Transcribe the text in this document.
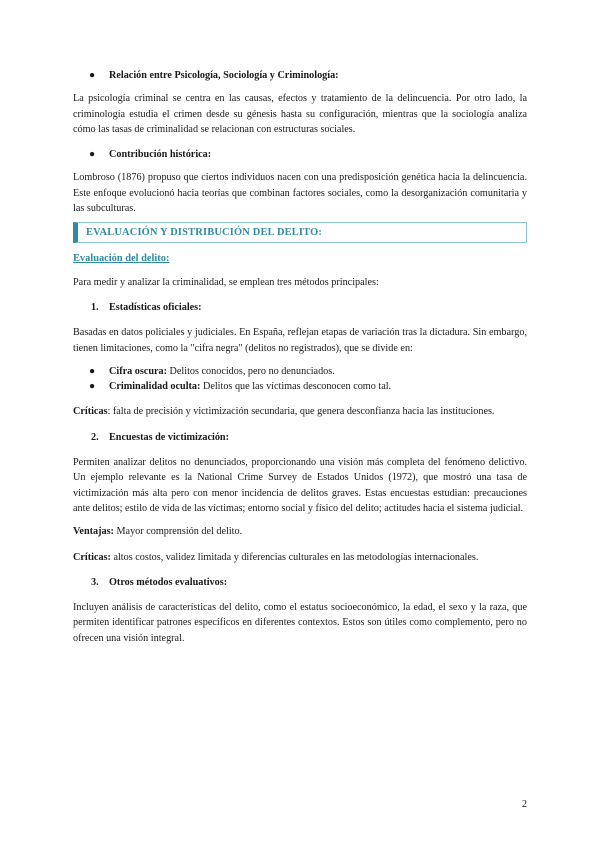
●	Relación entre Psicología, Sociología y Criminología:

La psicología criminal se centra en las causas, efectos y tratamiento de la delincuencia. Por otro lado, la criminología estudia el crimen desde su génesis hasta su configuración, mientras que la sociología analiza cómo las tasas de criminalidad se relacionan con estructuras sociales.

●	Contribución histórica:

Lombroso (1876) propuso que ciertos individuos nacen con una predisposición genética hacia la delincuencia. Este enfoque evolucionó hacia teorías que combinan factores sociales, como la desorganización comunitaria y las subculturas.

EVALUACIÓN Y DISTRIBUCIÓN DEL DELITO:
Evaluación del delito:

Para medir y analizar la criminalidad, se emplean tres métodos principales:

1.	Estadísticas oficiales:

Basadas en datos policiales y judiciales. En España, reflejan etapas de variación tras la dictadura. Sin embargo, tienen limitaciones, como la "cifra negra" (delitos no registrados), que se divide en:

●	Cifra oscura: Delitos conocidos, pero no denunciados.
●	Criminalidad oculta: Delitos que las víctimas desconocen como tal.

Críticas: falta de precisión y victimización secundaria, que genera desconfianza hacia las instituciones.

2.	Encuestas de victimización:

Permiten analizar delitos no denunciados, proporcionando una visión más completa del fenómeno delictivo. Un ejemplo relevante es la National Crime Survey de Estados Unidos (1972), que mostró una tasa de victimización más alta pero con menor incidencia de delitos graves. Estas encuestas estudian: precauciones ante delitos; estilo de vida de las víctimas; entorno social y físico del delito; actitudes hacia el sistema judicial.

Ventajas: Mayor comprensión del delito.

Críticas: altos costos, validez limitada y diferencias culturales en las metodologías internacionales.

3.	Otros métodos evaluativos:

Incluyen análisis de características del delito, como el estatus socioeconómico, la edad, el sexo y la raza, que permiten identificar patrones específicos en diferentes contextos. Estos son útiles como complemento, pero no ofrecen una visión integral.

2
